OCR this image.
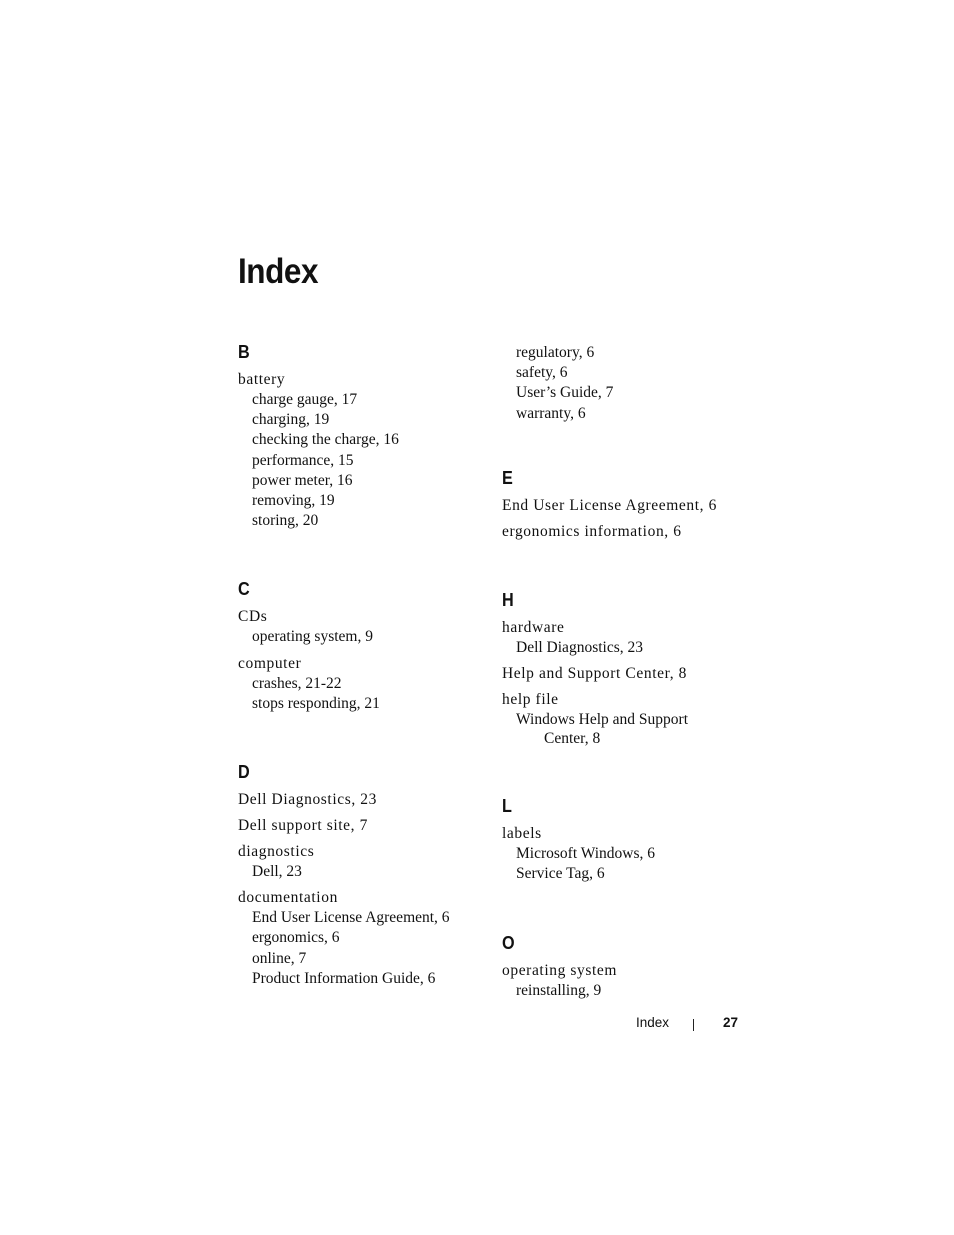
Index
B
battery
charge gauge, 17
charging, 19
checking the charge, 16
performance, 15
power meter, 16
removing, 19
storing, 20
C
CDs
operating system, 9
computer
crashes, 21-22
stops responding, 21
D
Dell Diagnostics, 23
Dell support site, 7
diagnostics
Dell, 23
documentation
End User License Agreement, 6
ergonomics, 6
online, 7
Product Information Guide, 6
regulatory, 6
safety, 6
User’s Guide, 7
warranty, 6
E
End User License Agreement, 6
ergonomics information, 6
H
hardware
Dell Diagnostics, 23
Help and Support Center, 8
help file
Windows Help and Support
Center, 8
L
labels
Microsoft Windows, 6
Service Tag, 6
O
operating system
reinstalling, 9
Index	27
